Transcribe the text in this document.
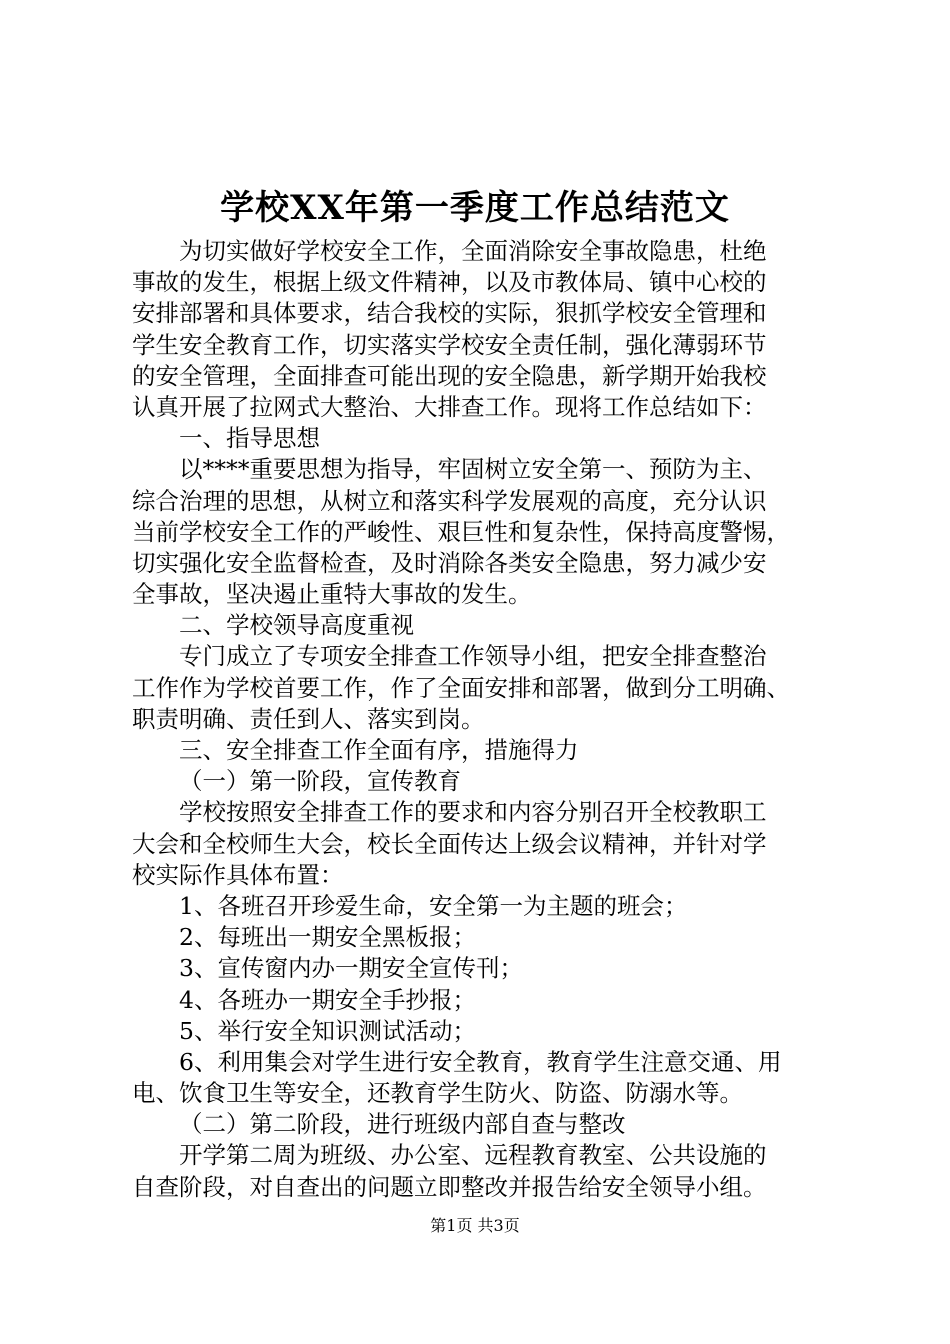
学校XX年第一季度工作总结范文
为切实做好学校安全工作，全面消除安全事故隐患，杜绝
事故的发生，根据上级文件精神，以及市教体局、镇中心校的
安排部署和具体要求，结合我校的实际，狠抓学校安全管理和
学生安全教育工作，切实落实学校安全责任制，强化薄弱环节
的安全管理，全面排查可能出现的安全隐患，新学期开始我校
认真开展了拉网式大整治、大排查工作。现将工作总结如下：
一、指导思想
以****重要思想为指导，牢固树立安全第一、预防为主、
综合治理的思想，从树立和落实科学发展观的高度，充分认识
当前学校安全工作的严峻性、艰巨性和复杂性，保持高度警惕，
切实强化安全监督检查，及时消除各类安全隐患，努力减少安
全事故，坚决遏止重特大事故的发生。
二、学校领导高度重视
专门成立了专项安全排查工作领导小组，把安全排查整治
工作作为学校首要工作，作了全面安排和部署，做到分工明确、
职责明确、责任到人、落实到岗。
三、安全排查工作全面有序，措施得力
（一）第一阶段，宣传教育
学校按照安全排查工作的要求和内容分别召开全校教职工
大会和全校师生大会，校长全面传达上级会议精神，并针对学
校实际作具体布置：
1、各班召开珍爱生命，安全第一为主题的班会；
2、每班出一期安全黑板报；
3、宣传窗内办一期安全宣传刊；
4、各班办一期安全手抄报；
5、举行安全知识测试活动；
6、利用集会对学生进行安全教育，教育学生注意交通、用
电、饮食卫生等安全，还教育学生防火、防盗、防溺水等。
（二）第二阶段，进行班级内部自查与整改
开学第二周为班级、办公室、远程教育教室、公共设施的
自查阶段，对自查出的问题立即整改并报告给安全领导小组。
第1页 共3页
